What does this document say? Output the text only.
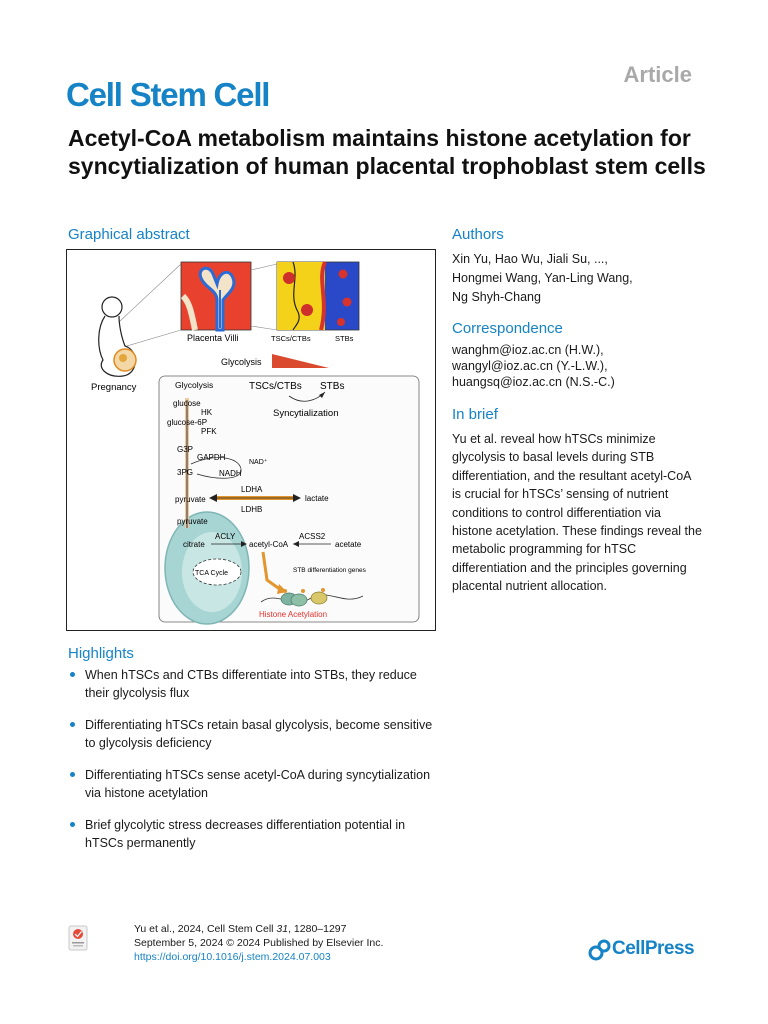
Article
Cell Stem Cell
Acetyl-CoA metabolism maintains histone acetylation for syncytialization of human placental trophoblast stem cells
Graphical abstract
Placenta Villi	TSCs/CTBs	STBs
Pregnancy
Glycolysis
Glycolysis	TSCs/CTBs STBs
Syncytialization
glucose
HK
glucose-6P
PFK
G3P
GAPDH
NAD⁺
NADH
3PG
LDHA
pyruvate	lactate
LDHB
pyruvate
ACLY	ACSS2
citrate	acetyl-CoA	acetate
TCA Cycle	STB differentiation genes
Histone Acetylation
Authors
Xin Yu, Hao Wu, Jiali Su, ...,
Hongmei Wang, Yan-Ling Wang,
Ng Shyh-Chang
Correspondence
wanghm@ioz.ac.cn (H.W.),
wangyl@ioz.ac.cn (Y.-L.W.),
huangsq@ioz.ac.cn (N.S.-C.)
In brief
Yu et al. reveal how hTSCs minimize glycolysis to basal levels during STB differentiation, and the resultant acetyl-CoA is crucial for hTSCs’ sensing of nutrient conditions to control differentiation via histone acetylation. These findings reveal the metabolic programming for hTSC differentiation and the principles governing placental nutrient allocation.
Highlights
When hTSCs and CTBs differentiate into STBs, they reduce their glycolysis flux
Differentiating hTSCs retain basal glycolysis, become sensitive to glycolysis deficiency
Differentiating hTSCs sense acetyl-CoA during syncytialization via histone acetylation
Brief glycolytic stress decreases differentiation potential in hTSCs permanently
Yu et al., 2024, Cell Stem Cell 31, 1280–1297
September 5, 2024 © 2024 Published by Elsevier Inc.
https://doi.org/10.1016/j.stem.2024.07.003	CellPress
